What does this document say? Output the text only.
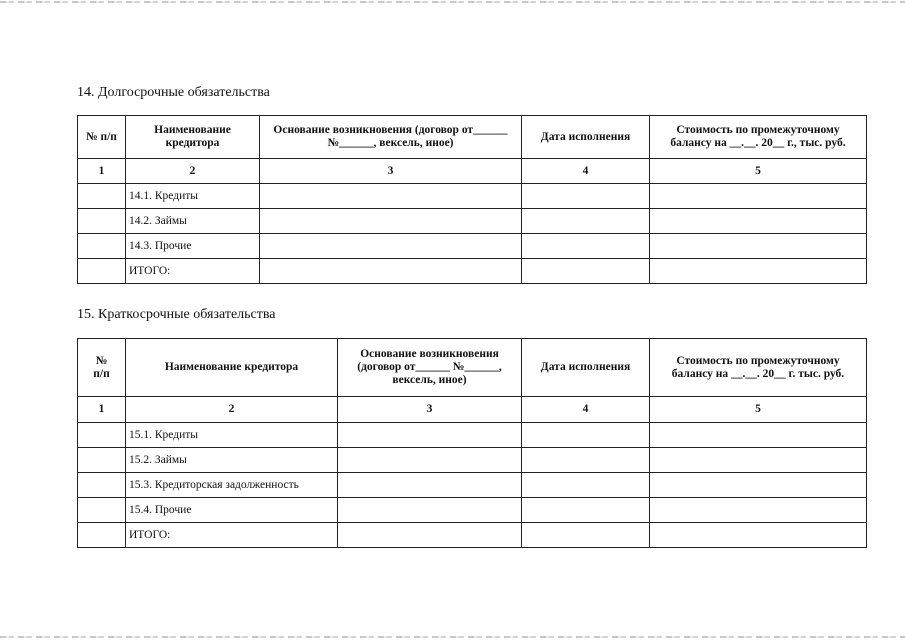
14. Долгосрочные обязательства
№ п/п	Наименование кредитора	Основание возникновения (договор от______ №______, вексель, иное)	Дата исполнения	Стоимость по промежуточному балансу на __.__. 20__ г., тыс. руб.
1	2	3	4	5
	14.1. Кредиты			
	14.2. Займы			
	14.3. Прочие			
	ИТОГО:			
15. Краткосрочные обязательства
№ п/п	Наименование кредитора	Основание возникновения (договор от______ №______, вексель, иное)	Дата исполнения	Стоимость по промежуточному балансу на __.__. 20__ г. тыс. руб.
1	2	3	4	5
	15.1. Кредиты			
	15.2. Займы			
	15.3. Кредиторская задолженность			
	15.4. Прочие			
	ИТОГО:			
